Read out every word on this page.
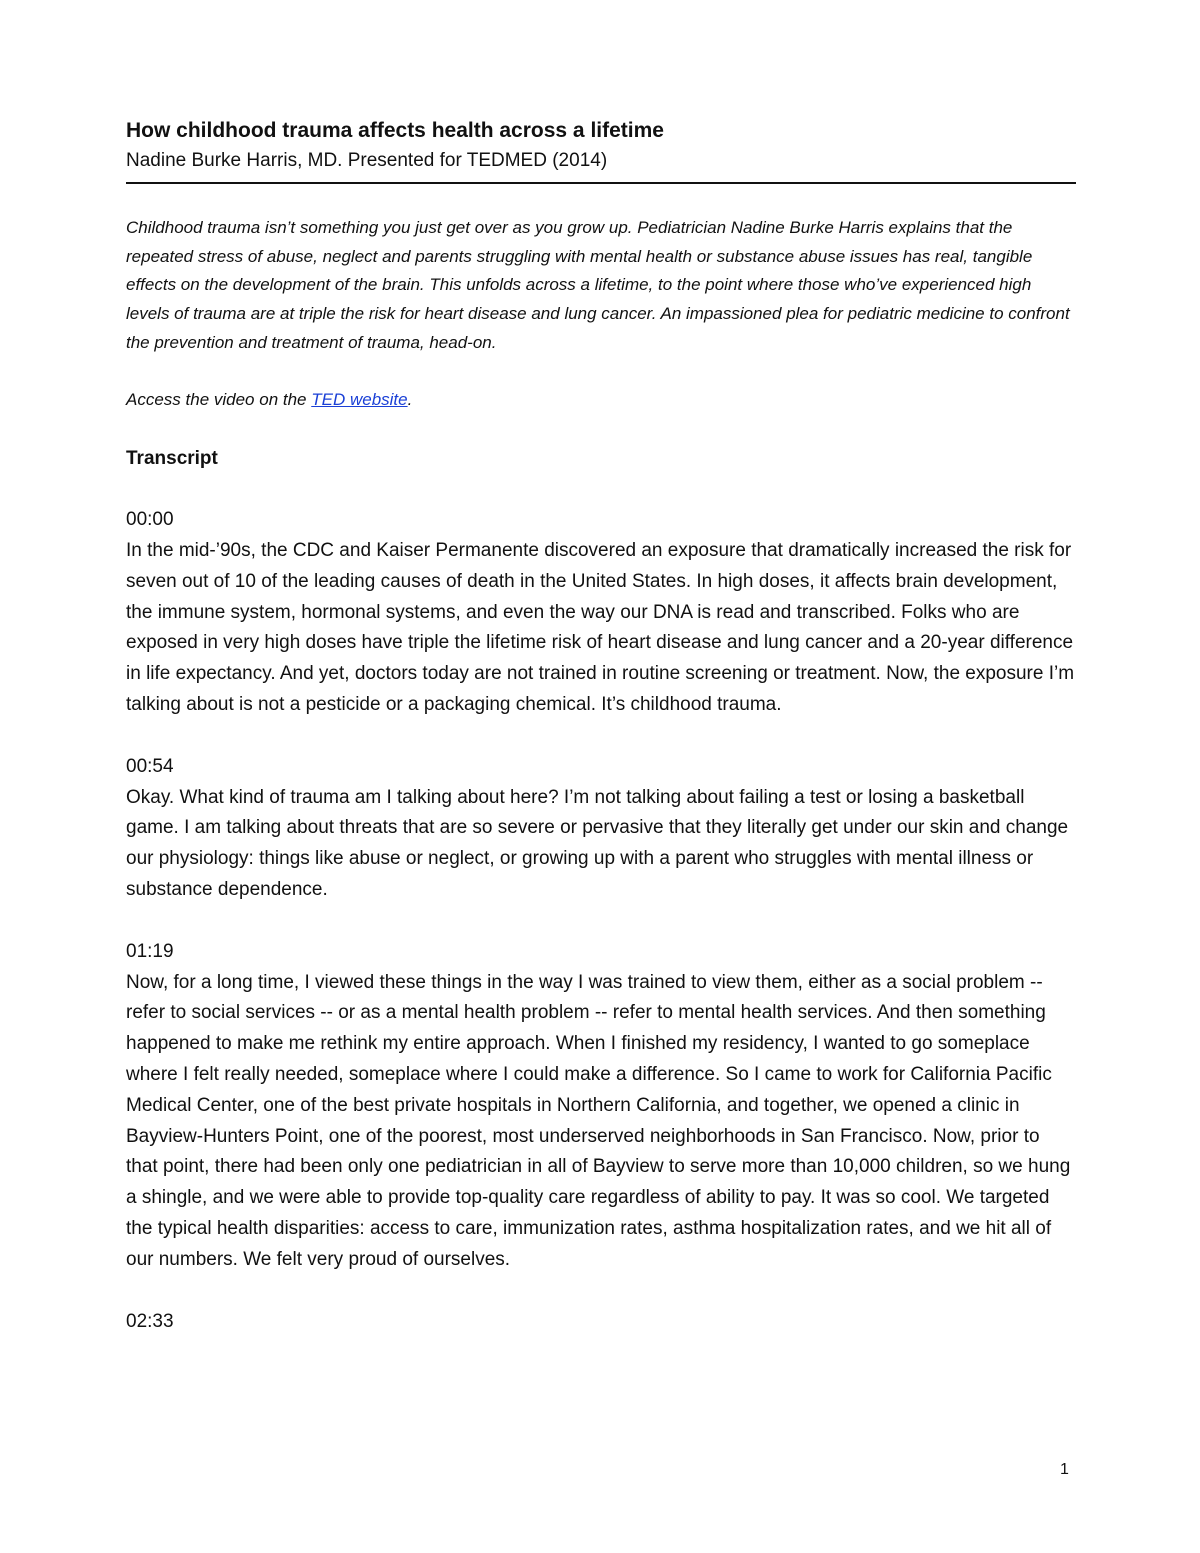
How childhood trauma affects health across a lifetime

Nadine Burke Harris, MD. Presented for TEDMED (2014)

Childhood trauma isn’t something you just get over as you grow up. Pediatrician Nadine Burke Harris explains that the repeated stress of abuse, neglect and parents struggling with mental health or substance abuse issues has real, tangible effects on the development of the brain. This unfolds across a lifetime, to the point where those who’ve experienced high levels of trauma are at triple the risk for heart disease and lung cancer. An impassioned plea for pediatric medicine to confront the prevention and treatment of trauma, head-on.

Access the video on the TED website.

Transcript

00:00

In the mid-’90s, the CDC and Kaiser Permanente discovered an exposure that dramatically increased the risk for seven out of 10 of the leading causes of death in the United States. In high doses, it affects brain development, the immune system, hormonal systems, and even the way our DNA is read and transcribed. Folks who are exposed in very high doses have triple the lifetime risk of heart disease and lung cancer and a 20-year difference in life expectancy. And yet, doctors today are not trained in routine screening or treatment. Now, the exposure I’m talking about is not a pesticide or a packaging chemical. It’s childhood trauma.

00:54

Okay. What kind of trauma am I talking about here? I’m not talking about failing a test or losing a basketball game. I am talking about threats that are so severe or pervasive that they literally get under our skin and change our physiology: things like abuse or neglect, or growing up with a parent who struggles with mental illness or substance dependence.

01:19

Now, for a long time, I viewed these things in the way I was trained to view them, either as a social problem -- refer to social services -- or as a mental health problem -- refer to mental health services. And then something happened to make me rethink my entire approach. When I finished my residency, I wanted to go someplace where I felt really needed, someplace where I could make a difference. So I came to work for California Pacific Medical Center, one of the best private hospitals in Northern California, and together, we opened a clinic in Bayview-Hunters Point, one of the poorest, most underserved neighborhoods in San Francisco. Now, prior to that point, there had been only one pediatrician in all of Bayview to serve more than 10,000 children, so we hung a shingle, and we were able to provide top-quality care regardless of ability to pay. It was so cool. We targeted the typical health disparities: access to care, immunization rates, asthma hospitalization rates, and we hit all of our numbers. We felt very proud of ourselves.

02:33

1
